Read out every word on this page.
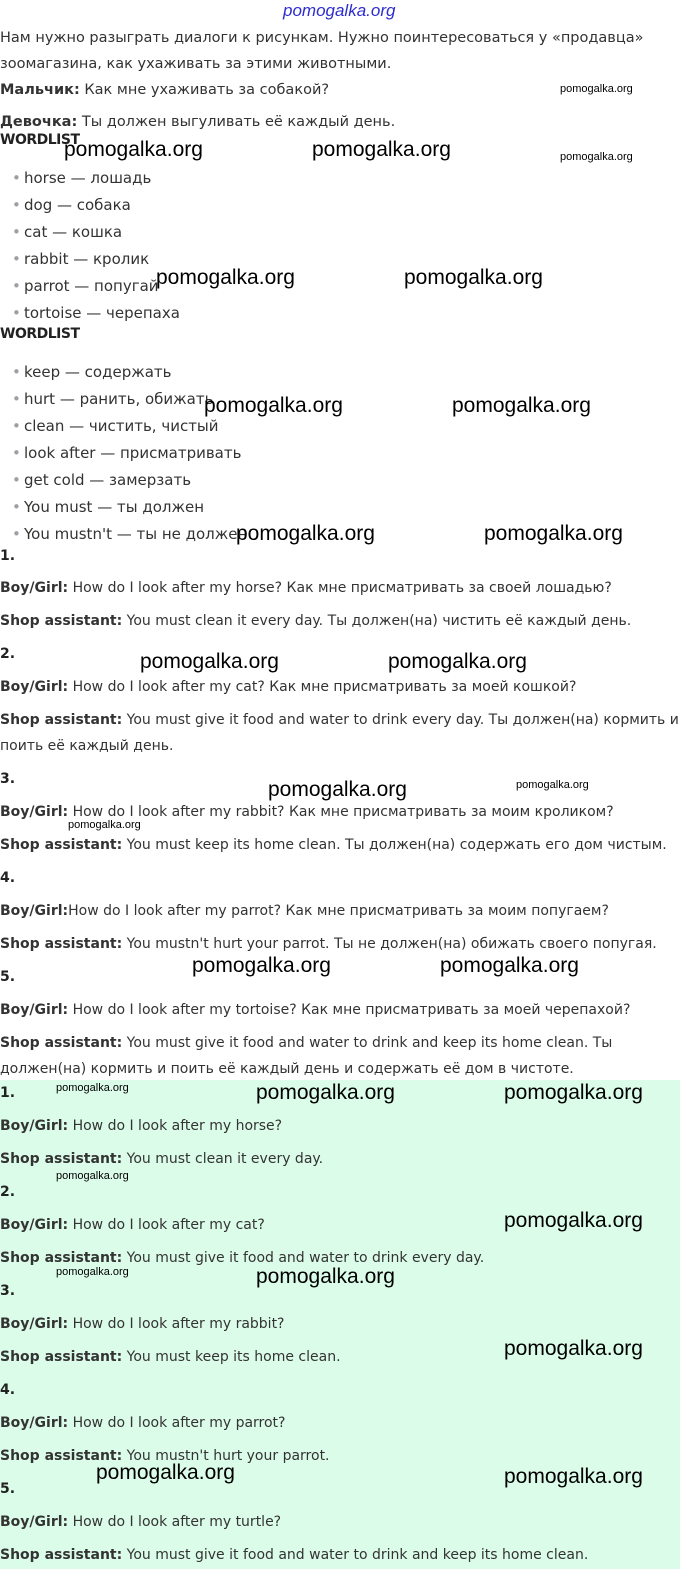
Нам нужно разыграть диалоги к рисункам. Нужно поинтересоваться у «продавца»
зоомагазина, как ухаживать за этими животными.
Мальчик: Как мне ухаживать за собакой?
Девочка: Ты должен выгуливать её каждый день.
WORDLIST
• horse — лошадь
• dog — собака
• cat — кошка
• rabbit — кролик
• parrot — попугай
• tortoise — черепаха
WORDLIST
• keep — содержать
• hurt — ранить, обижать
• clean — чистить, чистый
• look after — присматривать
• get cold — замерзать
• You must — ты должен
• You mustn't — ты не должен
1.
Boy/Girl: How do I look after my horse? Как мне присматривать за своей лошадью?
Shop assistant: You must clean it every day. Ты должен(на) чистить её каждый день.
2.
Boy/Girl: How do I look after my cat? Как мне присматривать за моей кошкой?
Shop assistant: You must give it food and water to drink every day. Ты должен(на) кормить и
поить её каждый день.
3.
Boy/Girl: How do I look after my rabbit? Как мне присматривать за моим кроликом?
Shop assistant: You must keep its home clean. Ты должен(на) содержать его дом чистым.
4.
Boy/Girl:How do I look after my parrot? Как мне присматривать за моим попугаем?
Shop assistant: You mustn't hurt your parrot. Ты не должен(на) обижать своего попугая.
5.
Boy/Girl: How do I look after my tortoise? Как мне присматривать за моей черепахой?
Shop assistant: You must give it food and water to drink and keep its home clean. Ты
должен(на) кормить и поить её каждый день и содержать её дом в чистоте.
1.
Boy/Girl: How do I look after my horse?
Shop assistant: You must clean it every day.
2.
Boy/Girl: How do I look after my cat?
Shop assistant: You must give it food and water to drink every day.
3.
Boy/Girl: How do I look after my rabbit?
Shop assistant: You must keep its home clean.
4.
Boy/Girl: How do I look after my parrot?
Shop assistant: You mustn't hurt your parrot.
5.
Boy/Girl: How do I look after my turtle?
Shop assistant: You must give it food and water to drink and keep its home clean.
pomogalka.org
pomogalka.org
pomogalka.org
pomogalka.org	pomogalka.org
pomogalka.org	pomogalka.org
pomogalka.org	pomogalka.org
pomogalka.org	pomogalka.org
pomogalka.org	pomogalka.org
pomogalka.org	pomogalka.org
pomogalka.org
pomogalka.org	pomogalka.org
pomogalka.org	pomogalka.org	pomogalka.org
pomogalka.org
pomogalka.org
pomogalka.org	pomogalka.org
pomogalka.org
pomogalka.org	pomogalka.org
